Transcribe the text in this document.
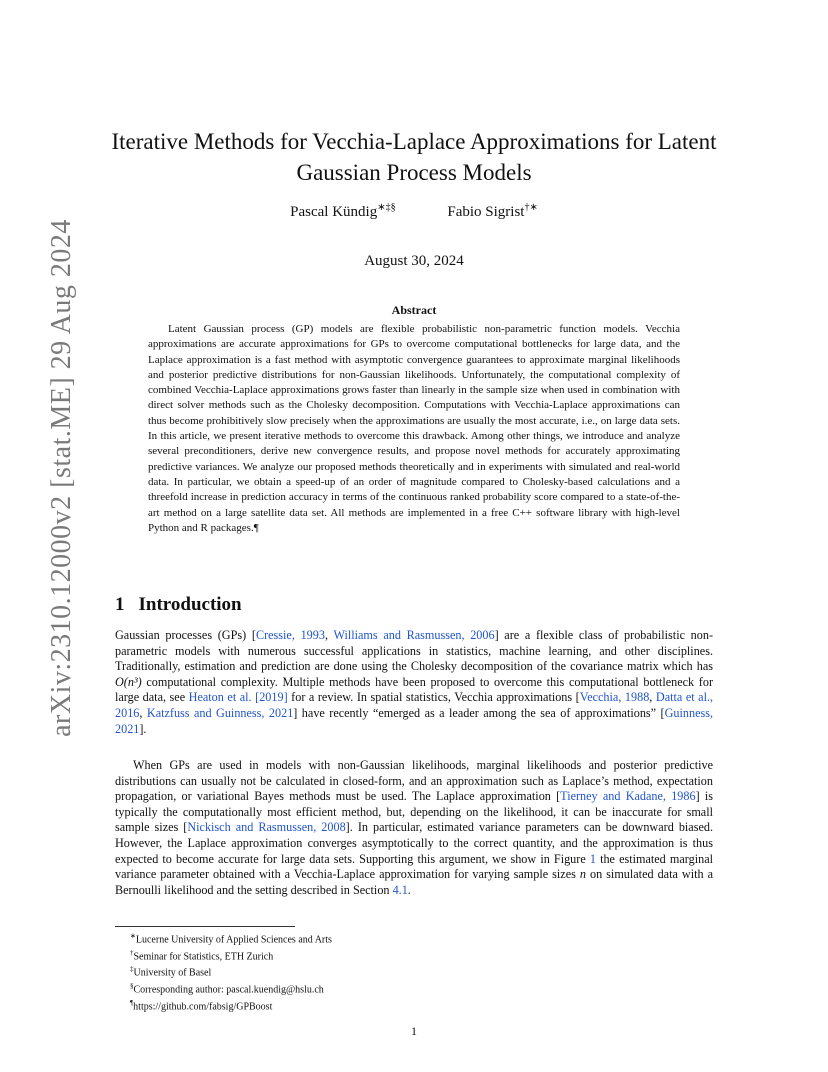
arXiv:2310.12000v2 [stat.ME] 29 Aug 2024
Iterative Methods for Vecchia-Laplace Approximations for Latent Gaussian Process Models
Pascal Kündig∗‡§	Fabio Sigrist†∗
August 30, 2024
Abstract

Latent Gaussian process (GP) models are flexible probabilistic non-parametric function models. Vecchia approximations are accurate approximations for GPs to overcome computational bottlenecks for large data, and the Laplace approximation is a fast method with asymptotic convergence guarantees to approximate marginal likelihoods and posterior predictive distributions for non-Gaussian likelihoods. Unfortunately, the computational complexity of combined Vecchia-Laplace approximations grows faster than linearly in the sample size when used in combination with direct solver methods such as the Cholesky decomposition. Computations with Vecchia-Laplace approximations can thus become prohibitively slow precisely when the approximations are usually the most accurate, i.e., on large data sets. In this article, we present iterative methods to overcome this drawback. Among other things, we introduce and analyze several preconditioners, derive new convergence results, and propose novel methods for accurately approximating predictive variances. We analyze our proposed methods theoretically and in experiments with simulated and real-world data. In particular, we obtain a speed-up of an order of magnitude compared to Cholesky-based calculations and a threefold increase in prediction accuracy in terms of the continuous ranked probability score compared to a state-of-the-art method on a large satellite data set. All methods are implemented in a free C++ software library with high-level Python and R packages.¶

1 Introduction

Gaussian processes (GPs) [Cressie, 1993, Williams and Rasmussen, 2006] are a flexible class of probabilistic non-parametric models with numerous successful applications in statistics, machine learning, and other disciplines. Traditionally, estimation and prediction are done using the Cholesky decomposition of the covariance matrix which has O(n³) computational complexity. Multiple methods have been proposed to overcome this computational bottleneck for large data, see Heaton et al. [2019] for a review. In spatial statistics, Vecchia approximations [Vecchia, 1988, Datta et al., 2016, Katzfuss and Guinness, 2021] have recently “emerged as a leader among the sea of approximations” [Guinness, 2021].

When GPs are used in models with non-Gaussian likelihoods, marginal likelihoods and posterior predictive distributions can usually not be calculated in closed-form, and an approximation such as Laplace’s method, expectation propagation, or variational Bayes methods must be used. The Laplace approximation [Tierney and Kadane, 1986] is typically the computationally most efficient method, but, depending on the likelihood, it can be inaccurate for small sample sizes [Nickisch and Rasmussen, 2008]. In particular, estimated variance parameters can be downward biased. However, the Laplace approximation converges asymptotically to the correct quantity, and the approximation is thus expected to become accurate for large data sets. Supporting this argument, we show in Figure 1 the estimated marginal variance parameter obtained with a Vecchia-Laplace approximation for varying sample sizes n on simulated data with a Bernoulli likelihood and the setting described in Section 4.1.

∗Lucerne University of Applied Sciences and Arts
†Seminar for Statistics, ETH Zurich
‡University of Basel
§Corresponding author: pascal.kuendig@hslu.ch
¶https://github.com/fabsig/GPBoost
1
